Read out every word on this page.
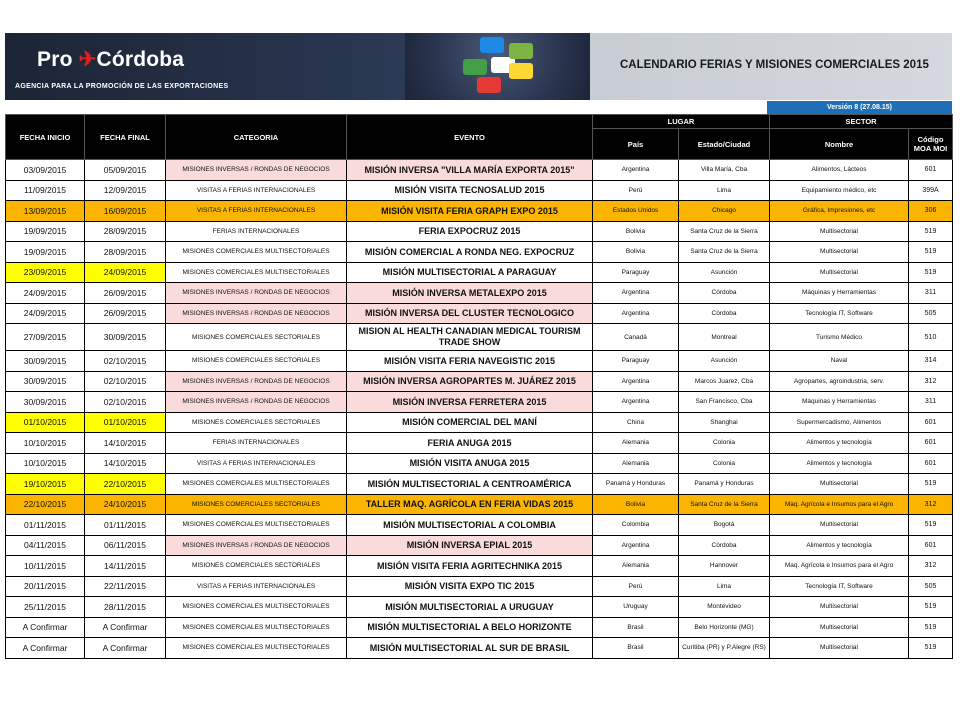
Pro ✈Córdoba
AGENCIA PARA LA PROMOCIÓN DE LAS EXPORTACIONES
CALENDARIO FERIAS Y MISIONES COMERCIALES 2015
Versión 8 (27.08.15)
FECHA INICIO	FECHA FINAL	CATEGORIA	EVENTO	LUGAR		SECTOR	
				País	Estado/Ciudad	Nombre	Código MOA MOI
03/09/2015	05/09/2015	MISIONES INVERSAS / RONDAS DE NEGOCIOS	MISIÓN INVERSA "VILLA MARÍA EXPORTA 2015"	Argentina	Villa María, Cba	Alimentos, Lácteos	601
11/09/2015	12/09/2015	VISITAS A FERIAS INTERNACIONALES	MISIÓN VISITA TECNOSALUD 2015	Perú	Lima	Equipamiento médico, etc	399A
13/09/2015	16/09/2015	VISITAS A FERIAS INTERNACIONALES	MISIÓN VISITA FERIA GRAPH EXPO 2015	Estados Unidos	Chicago	Gráfica, Impresiones, etc	306
19/09/2015	28/09/2015	FERIAS INTERNACIONALES	FERIA EXPOCRUZ 2015	Bolivia	Santa Cruz de la Sierra	Multisectorial	519
19/09/2015	28/09/2015	MISIONES COMERCIALES MULTISECTORIALES	MISIÓN COMERCIAL A RONDA NEG. EXPOCRUZ	Bolivia	Santa Cruz de la Sierra	Multisectorial	519
23/09/2015	24/09/2015	MISIONES COMERCIALES MULTISECTORIALES	MISIÓN MULTISECTORIAL A PARAGUAY	Paraguay	Asunción	Multisectorial	519
24/09/2015	26/09/2015	MISIONES INVERSAS / RONDAS DE NEGOCIOS	MISIÓN INVERSA METALEXPO 2015	Argentina	Córdoba	Máquinas y Herramientas	311
24/09/2015	26/09/2015	MISIONES INVERSAS / RONDAS DE NEGOCIOS	MISIÓN INVERSA DEL CLUSTER TECNOLOGICO	Argentina	Córdoba	Tecnología IT, Software	505
27/09/2015	30/09/2015	MISIONES COMERCIALES SECTORIALES	MISION AL HEALTH CANADIAN MEDICAL TOURISM TRADE SHOW	Canadá	Montreal	Turismo Médico	510
30/09/2015	02/10/2015	MISIONES COMERCIALES SECTORIALES	MISIÓN VISITA FERIA NAVEGISTIC 2015	Paraguay	Asunción	Naval	314
30/09/2015	02/10/2015	MISIONES INVERSAS / RONDAS DE NEGOCIOS	MISIÓN INVERSA AGROPARTES M. JUÁREZ 2015	Argentina	Marcos Juarez, Cba	Agropartes, agroindustria, serv.	312
30/09/2015	02/10/2015	MISIONES INVERSAS / RONDAS DE NEGOCIOS	MISIÓN INVERSA FERRETERA 2015	Argentina	San Francisco, Cba	Máquinas y Herramientas	311
01/10/2015	01/10/2015	MISIONES COMERCIALES SECTORIALES	MISIÓN COMERCIAL DEL MANÍ	China	Shanghai	Supermercadismo, Alimentos	601
10/10/2015	14/10/2015	FERIAS INTERNACIONALES	FERIA ANUGA 2015	Alemania	Colonia	Alimentos y tecnología	601
10/10/2015	14/10/2015	VISITAS A FERIAS INTERNACIONALES	MISIÓN VISITA ANUGA 2015	Alemania	Colonia	Alimentos y tecnología	601
19/10/2015	22/10/2015	MISIONES COMERCIALES MULTISECTORIALES	MISIÓN MULTISECTORIAL A CENTROAMÉRICA	Panamá y Honduras	Panamá y Honduras	Multisectorial	519
22/10/2015	24/10/2015	MISIONES COMERCIALES SECTORIALES	TALLER MAQ. AGRÍCOLA EN FERIA VIDAS 2015	Bolivia	Santa Cruz de la Sierra	Maq. Agrícola e Insumos para el Agro	312
01/11/2015	01/11/2015	MISIONES COMERCIALES MULTISECTORIALES	MISIÓN MULTISECTORIAL A COLOMBIA	Colombia	Bogotá	Multisectorial	519
04/11/2015	06/11/2015	MISIONES INVERSAS / RONDAS DE NEGOCIOS	MISIÓN INVERSA EPIAL 2015	Argentina	Córdoba	Alimentos y tecnología	601
10/11/2015	14/11/2015	MISIONES COMERCIALES SECTORIALES	MISIÓN VISITA FERIA AGRITECHNIKA 2015	Alemania	Hannover	Maq. Agrícola e Insumos para el Agro	312
20/11/2015	22/11/2015	VISITAS A FERIAS INTERNACIONALES	MISIÓN VISITA EXPO TIC 2015	Perú	Lima	Tecnología IT, Software	505
25/11/2015	28/11/2015	MISIONES COMERCIALES MULTISECTORIALES	MISIÓN MULTISECTORIAL A URUGUAY	Uruguay	Montevideo	Multisectorial	519
A Confirmar	A Confirmar	MISIONES COMERCIALES MULTISECTORIALES	MISIÓN MULTISECTORIAL A BELO HORIZONTE	Brasil	Belo Horizonte (MG)	Multisectorial	519
A Confirmar	A Confirmar	MISIONES COMERCIALES MULTISECTORIALES	MISIÓN MULTISECTORIAL AL SUR DE BRASIL	Brasil	Curitiba (PR) y P.Alegre (RS)	Multisectorial	519
